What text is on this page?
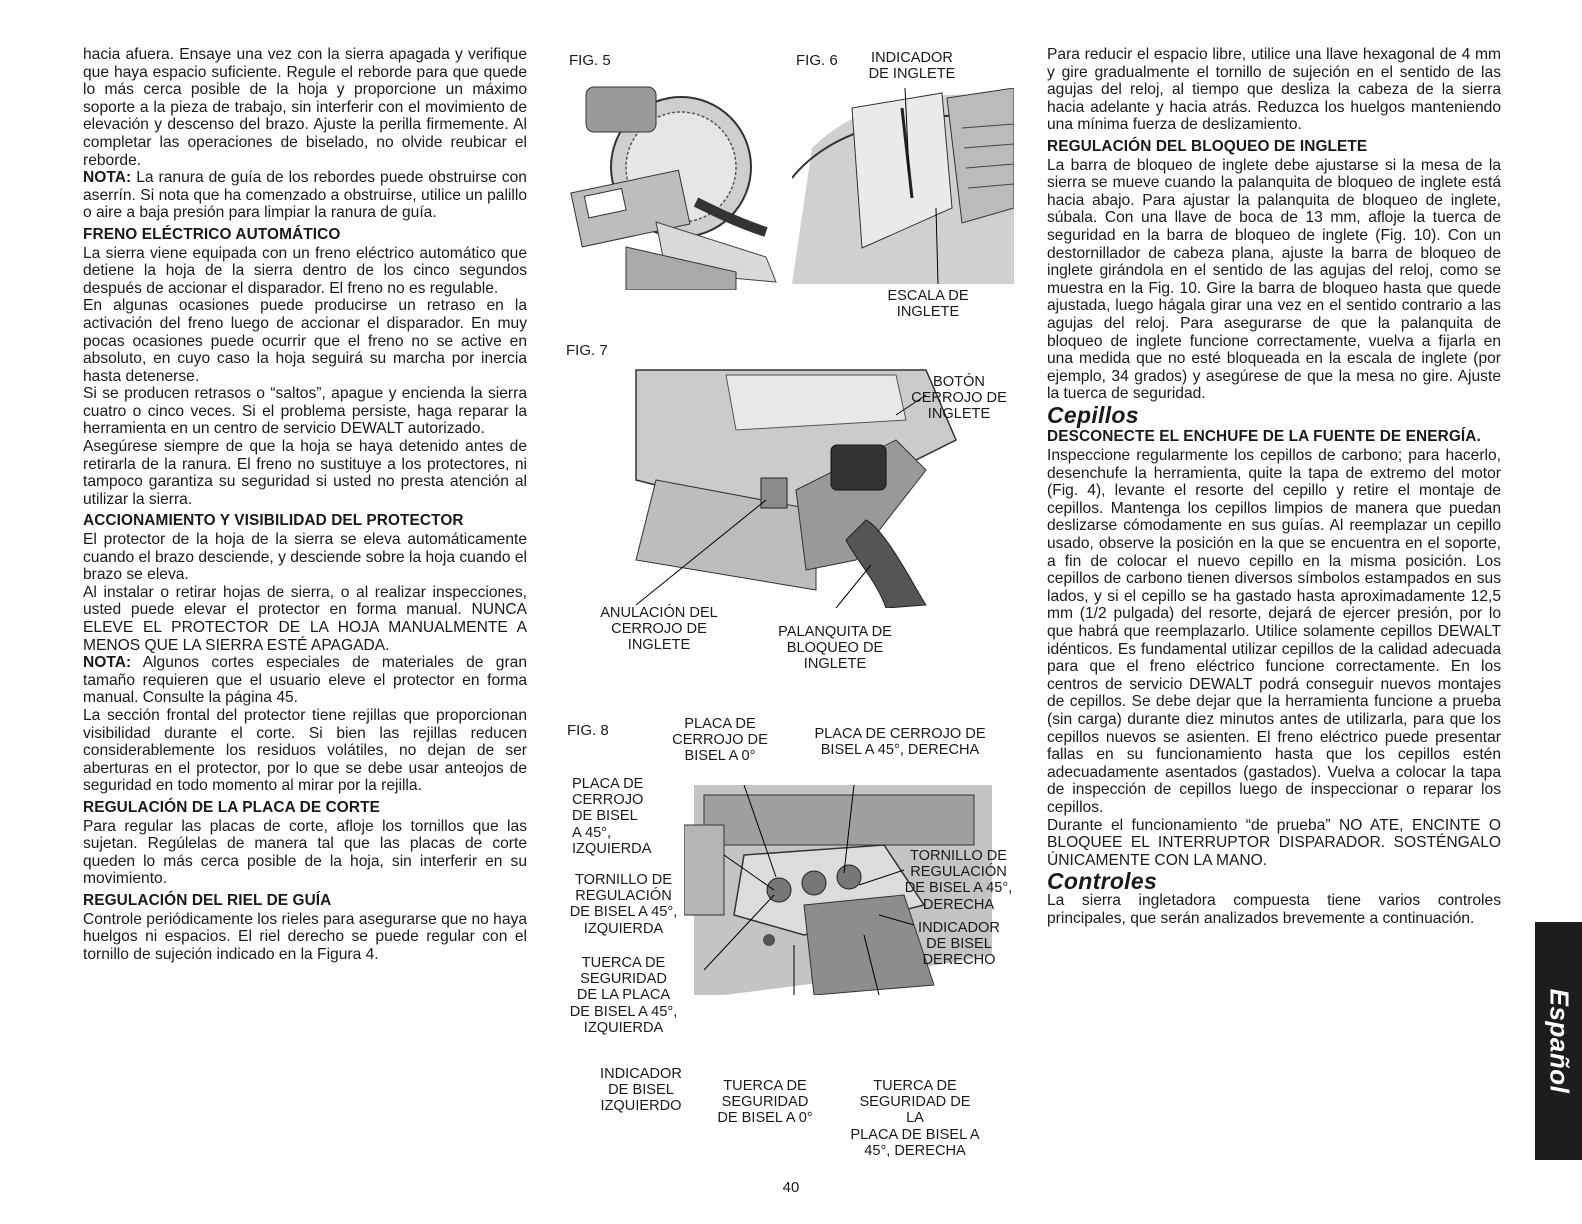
hacia afuera. Ensaye una vez con la sierra apagada y verifique que haya espacio suficiente. Regule el reborde para que quede lo más cerca posible de la hoja y proporcione un máximo soporte a la pieza de trabajo, sin interferir con el movimiento de elevación y descenso del brazo. Ajuste la perilla firmemente. Al completar las operaciones de biselado, no olvide reubicar el reborde.

NOTA: La ranura de guía de los rebordes puede obstruirse con aserrín. Si nota que ha comenzado a obstruirse, utilice un palillo o aire a baja presión para limpiar la ranura de guía.

FRENO ELÉCTRICO AUTOMÁTICO

La sierra viene equipada con un freno eléctrico automático que detiene la hoja de la sierra dentro de los cinco segundos después de accionar el disparador. El freno no es regulable.

En algunas ocasiones puede producirse un retraso en la activación del freno luego de accionar el disparador. En muy pocas ocasiones puede ocurrir que el freno no se active en absoluto, en cuyo caso la hoja seguirá su marcha por inercia hasta detenerse.

Si se producen retrasos o “saltos”, apague y encienda la sierra cuatro o cinco veces. Si el problema persiste, haga reparar la herramienta en un centro de servicio DEWALT autorizado.

Asegúrese siempre de que la hoja se haya detenido antes de retirarla de la ranura. El freno no sustituye a los protectores, ni tampoco garantiza su seguridad si usted no presta atención al utilizar la sierra.

ACCIONAMIENTO Y VISIBILIDAD DEL PROTECTOR

El protector de la hoja de la sierra se eleva automáticamente cuando el brazo desciende, y desciende sobre la hoja cuando el brazo se eleva.

Al instalar o retirar hojas de sierra, o al realizar inspecciones, usted puede elevar el protector en forma manual. NUNCA ELEVE EL PROTECTOR DE LA HOJA MANUALMENTE A MENOS QUE LA SIERRA ESTÉ APAGADA.

NOTA: Algunos cortes especiales de materiales de gran tamaño requieren que el usuario eleve el protector en forma manual. Consulte la página 45.

La sección frontal del protector tiene rejillas que proporcionan visibilidad durante el corte. Si bien las rejillas reducen considerablemente los residuos volátiles, no dejan de ser aberturas en el protector, por lo que se debe usar anteojos de seguridad en todo momento al mirar por la rejilla.

REGULACIÓN DE LA PLACA DE CORTE

Para regular las placas de corte, afloje los tornillos que las sujetan. Regúlelas de manera tal que las placas de corte queden lo más cerca posible de la hoja, sin interferir en su movimiento.

REGULACIÓN DEL RIEL DE GUÍA

Controle periódicamente los rieles para asegurarse que no haya huelgos ni espacios. El riel derecho se puede regular con el tornillo de sujeción indicado en la Figura 4.

FIG. 5	FIG. 6	INDICADOR
DE INGLETE
ESCALA DE
INGLETE
FIG. 7
BOTÓN
CERROJO DE
INGLETE
ANULACIÓN DEL
CERROJO DE
INGLETE
PALANQUITA DE
BLOQUEO DE
INGLETE
FIG. 8	PLACA DE
CERROJO DE
BISEL A 0°
PLACA DE CERROJO DE
BISEL A 45°, DERECHA
PLACA DE
CERROJO
DE BISEL
A 45°,
IZQUIERDA
TORNILLO DE
REGULACIÓN
DE BISEL A 45°,
IZQUIERDA
TORNILLO DE
REGULACIÓN
DE BISEL A 45°,
DERECHA
INDICADOR
DE BISEL
DERECHO
TUERCA DE
SEGURIDAD
DE LA PLACA
DE BISEL A 45°,
IZQUIERDA
INDICADOR
DE BISEL
IZQUIERDO
TUERCA DE
SEGURIDAD
DE BISEL A 0°
TUERCA DE
SEGURIDAD DE LA
PLACA DE BISEL A
45°, DERECHA

Para reducir el espacio libre, utilice una llave hexagonal de 4 mm y gire gradualmente el tornillo de sujeción en el sentido de las agujas del reloj, al tiempo que desliza la cabeza de la sierra hacia adelante y hacia atrás. Reduzca los huelgos manteniendo una mínima fuerza de deslizamiento.

REGULACIÓN DEL BLOQUEO DE INGLETE

La barra de bloqueo de inglete debe ajustarse si la mesa de la sierra se mueve cuando la palanquita de bloqueo de inglete está hacia abajo. Para ajustar la palanquita de bloqueo de inglete, súbala. Con una llave de boca de 13 mm, afloje la tuerca de seguridad en la barra de bloqueo de inglete (Fig. 10). Con un destornillador de cabeza plana, ajuste la barra de bloqueo de inglete girándola en el sentido de las agujas del reloj, como se muestra en la Fig. 10. Gire la barra de bloqueo hasta que quede ajustada, luego hágala girar una vez en el sentido contrario a las agujas del reloj. Para asegurarse de que la palanquita de bloqueo de inglete funcione correctamente, vuelva a fijarla en una medida que no esté bloqueada en la escala de inglete (por ejemplo, 34 grados) y asegúrese de que la mesa no gire. Ajuste la tuerca de seguridad.

Cepillos
DESCONECTE EL ENCHUFE DE LA FUENTE DE ENERGÍA.

Inspeccione regularmente los cepillos de carbono; para hacerlo, desenchufe la herramienta, quite la tapa de extremo del motor (Fig. 4), levante el resorte del cepillo y retire el montaje de cepillos. Mantenga los cepillos limpios de manera que puedan deslizarse cómodamente en sus guías. Al reemplazar un cepillo usado, observe la posición en la que se encuentra en el soporte, a fin de colocar el nuevo cepillo en la misma posición. Los cepillos de carbono tienen diversos símbolos estampados en sus lados, y si el cepillo se ha gastado hasta aproximadamente 12,5 mm (1/2 pulgada) del resorte, dejará de ejercer presión, por lo que habrá que reemplazarlo. Utilice solamente cepillos DEWALT idénticos. Es fundamental utilizar cepillos de la calidad adecuada para que el freno eléctrico funcione correctamente. En los centros de servicio DEWALT podrá conseguir nuevos montajes de cepillos. Se debe dejar que la herramienta funcione a prueba (sin carga) durante diez minutos antes de utilizarla, para que los cepillos nuevos se asienten. El freno eléctrico puede presentar fallas en su funcionamiento hasta que los cepillos estén adecuadamente asentados (gastados). Vuelva a colocar la tapa de inspección de cepillos luego de inspeccionar o reparar los cepillos.

Durante el funcionamiento “de prueba” NO ATE, ENCINTE O BLOQUEE EL INTERRUPTOR DISPARADOR. SOSTÉNGALO ÚNICAMENTE CON LA MANO.

Controles

La sierra ingletadora compuesta tiene varios controles principales, que serán analizados brevemente a continuación.

Español
40
